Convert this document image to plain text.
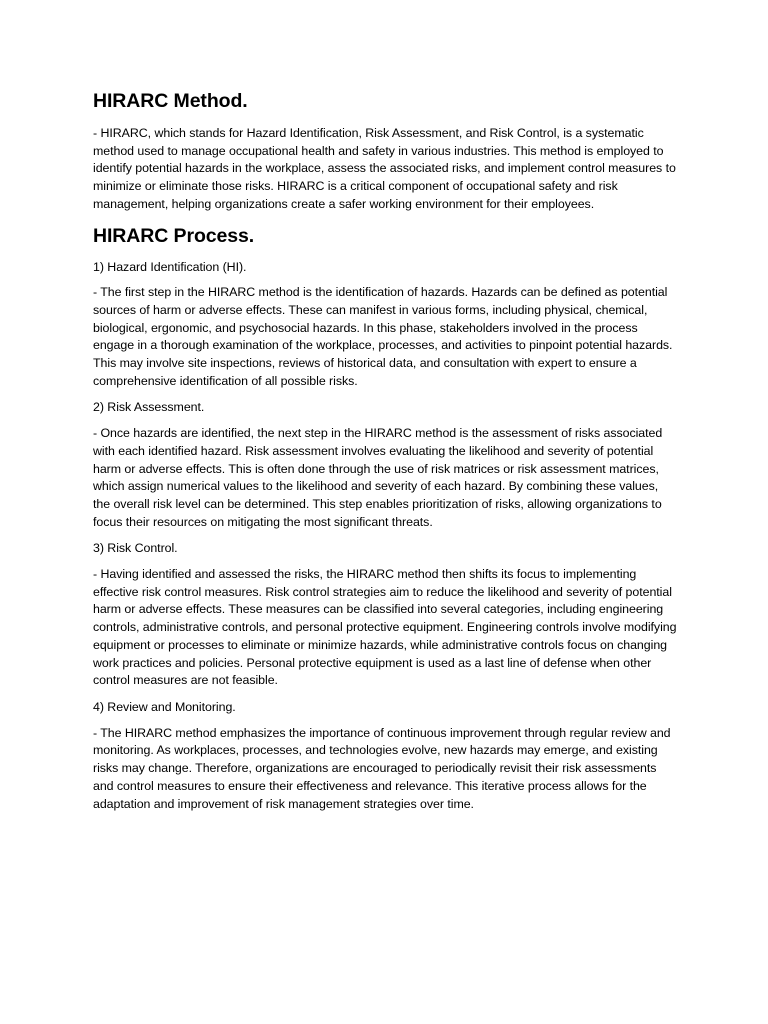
HIRARC Method.
- HIRARC, which stands for Hazard Identification, Risk Assessment, and Risk Control, is a systematic method used to manage occupational health and safety in various industries. This method is employed to identify potential hazards in the workplace, assess the associated risks, and implement control measures to minimize or eliminate those risks. HIRARC is a critical component of occupational safety and risk management, helping organizations create a safer working environment for their employees.
HIRARC Process.
1) Hazard Identification (HI).
- The first step in the HIRARC method is the identification of hazards. Hazards can be defined as potential sources of harm or adverse effects. These can manifest in various forms, including physical, chemical, biological, ergonomic, and psychosocial hazards. In this phase, stakeholders involved in the process engage in a thorough examination of the workplace, processes, and activities to pinpoint potential hazards. This may involve site inspections, reviews of historical data, and consultation with expert to ensure a comprehensive identification of all possible risks.
2) Risk Assessment.
- Once hazards are identified, the next step in the HIRARC method is the assessment of risks associated with each identified hazard. Risk assessment involves evaluating the likelihood and severity of potential harm or adverse effects. This is often done through the use of risk matrices or risk assessment matrices, which assign numerical values to the likelihood and severity of each hazard. By combining these values, the overall risk level can be determined. This step enables prioritization of risks, allowing organizations to focus their resources on mitigating the most significant threats.
3) Risk Control.
- Having identified and assessed the risks, the HIRARC method then shifts its focus to implementing effective risk control measures. Risk control strategies aim to reduce the likelihood and severity of potential harm or adverse effects. These measures can be classified into several categories, including engineering controls, administrative controls, and personal protective equipment. Engineering controls involve modifying equipment or processes to eliminate or minimize hazards, while administrative controls focus on changing work practices and policies. Personal protective equipment is used as a last line of defense when other control measures are not feasible.
4) Review and Monitoring.
- The HIRARC method emphasizes the importance of continuous improvement through regular review and monitoring. As workplaces, processes, and technologies evolve, new hazards may emerge, and existing risks may change. Therefore, organizations are encouraged to periodically revisit their risk assessments and control measures to ensure their effectiveness and relevance. This iterative process allows for the adaptation and improvement of risk management strategies over time.
